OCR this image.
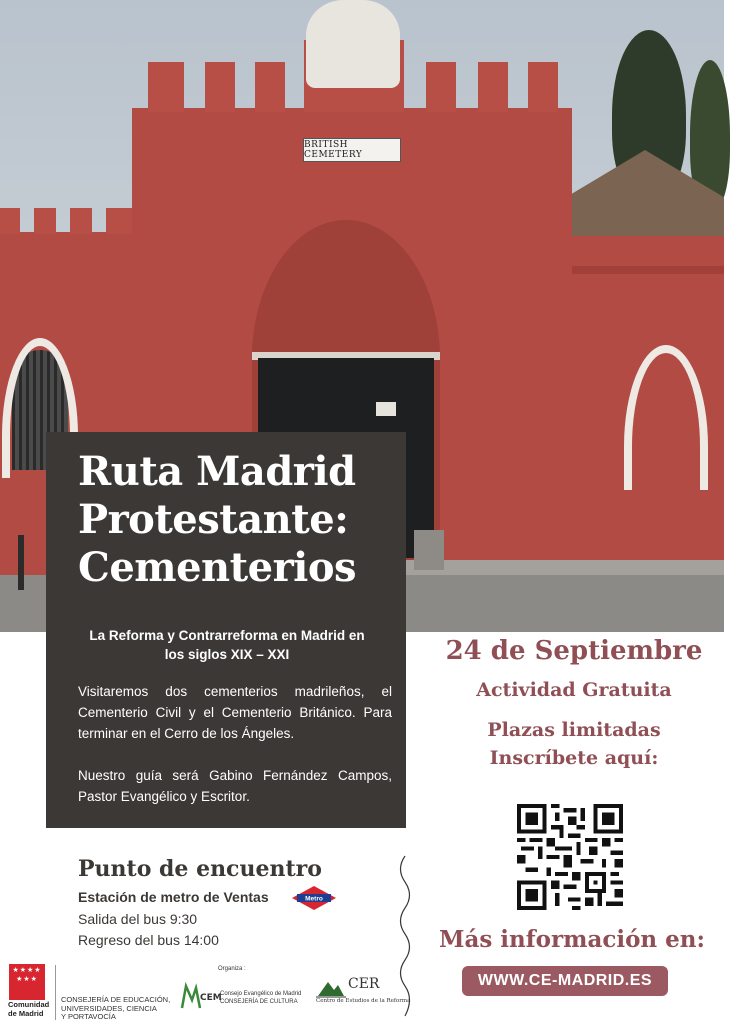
BRITISH CEMETERY
Ruta Madrid
Protestante:
Cementerios
La Reforma y Contrarreforma en Madrid en
los siglos XIX – XXI

Visitaremos dos cementerios madrileños, el Cementerio Civil y el Cementerio Británico. Para terminar en el Cerro de los Ángeles.

Nuestro guía será Gabino Fernández Campos, Pastor Evangélico y Escritor.

24 de Septiembre
Actividad Gratuita
Plazas limitadas
Inscríbete aquí:
Más información en:
WWW.CE-MADRID.ES
Punto de encuentro
Estación de metro de Ventas	Metro
Salida del bus 9:30
Regreso del bus 14:00
★★★★
★★★
Comunidad
de Madrid
CONSEJERÍA DE EDUCACIÓN,
UNIVERSIDADES, CIENCIA
Y PORTAVOCÍA
Organiza :
CEM
Consejo Evangélico de Madrid
CONSEJERÍA DE CULTURA
CER
Centro de Estudios de la Reforma
